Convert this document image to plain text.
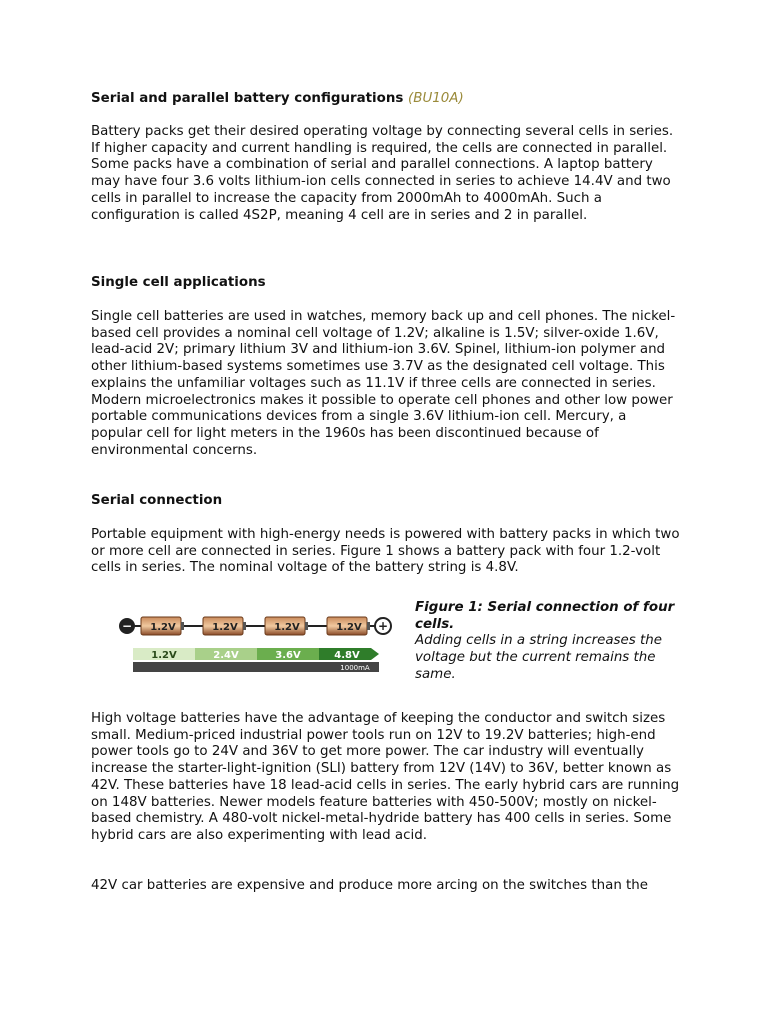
Serial and parallel battery configurations (BU10A)

Battery packs get their desired operating voltage by connecting several cells in series. If higher capacity and current handling is required, the cells are connected in parallel. Some packs have a combination of serial and parallel connections. A laptop battery may have four 3.6 volts lithium-ion cells connected in series to achieve 14.4V and two cells in parallel to increase the capacity from 2000mAh to 4000mAh. Such a configuration is called 4S2P, meaning 4 cell are in series and 2 in parallel.

Single cell applications

Single cell batteries are used in watches, memory back up and cell phones. The nickel-based cell provides a nominal cell voltage of 1.2V; alkaline is 1.5V; silver-oxide 1.6V, lead-acid 2V; primary lithium 3V and lithium-ion 3.6V. Spinel, lithium-ion polymer and other lithium-based systems sometimes use 3.7V as the designated cell voltage. This explains the unfamiliar voltages such as 11.1V if three cells are connected in series. Modern microelectronics makes it possible to operate cell phones and other low power portable communications devices from a single 3.6V lithium-ion cell. Mercury, a popular cell for light meters in the 1960s has been discontinued because of environmental concerns.

Serial connection

Portable equipment with high-energy needs is powered with battery packs in which two or more cell are connected in series. Figure 1 shows a battery pack with four 1.2-volt cells in series. The nominal voltage of the battery string is 4.8V.

−	+
1.2V	1.2V	1.2V	1.2V
1.2V	2.4V	3.6V	4.8V
1000mA
Figure 1: Serial connection of four cells.
Adding cells in a string increases the voltage but the current remains the same.

High voltage batteries have the advantage of keeping the conductor and switch sizes small. Medium-priced industrial power tools run on 12V to 19.2V batteries; high-end power tools go to 24V and 36V to get more power. The car industry will eventually increase the starter-light-ignition (SLI) battery from 12V (14V) to 36V, better known as 42V. These batteries have 18 lead-acid cells in series. The early hybrid cars are running on 148V batteries. Newer models feature batteries with 450-500V; mostly on nickel-based chemistry. A 480-volt nickel-metal-hydride battery has 400 cells in series. Some hybrid cars are also experimenting with lead acid.

42V car batteries are expensive and produce more arcing on the switches than the
